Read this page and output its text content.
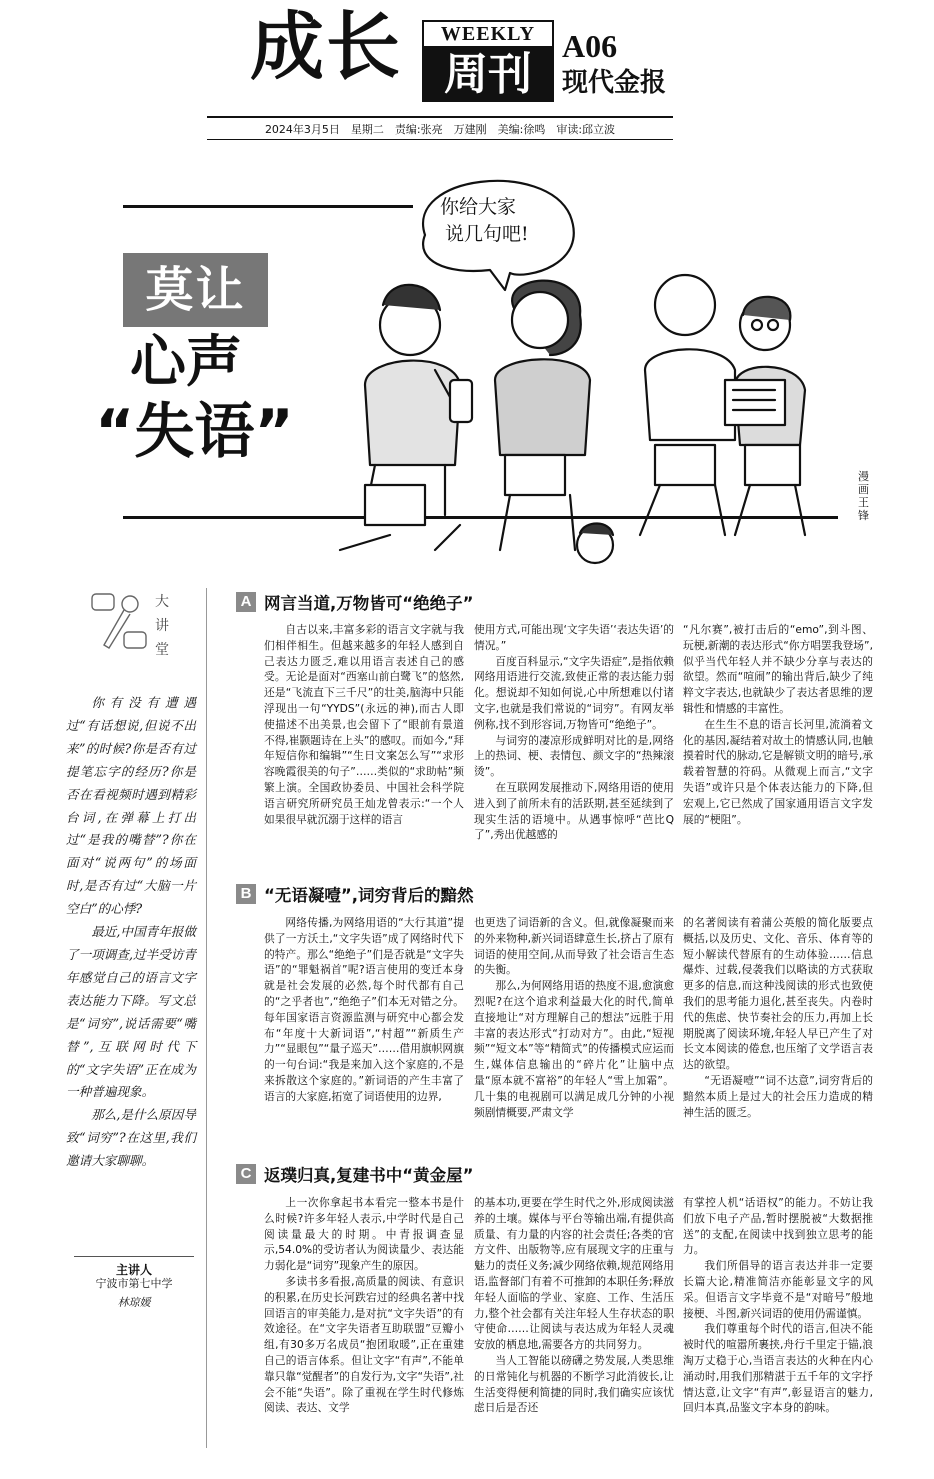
成长	WEEKLY
周刊
A06
现代金报
2024年3月5日　星期二　责编:张亮　万建刚　美编:徐鸣　审读:邱立波
莫让
心声
“失语”
你给大家
说几句吧!
漫画　王锋
大讲堂

你有没有遭遇过“有话想说,但说不出来”的时候?你是否有过提笔忘字的经历?你是否在看视频时遇到精彩台词,在弹幕上打出过“是我的嘴替”?你在面对“说两句”的场面时,是否有过“大脑一片空白”的心悸?

最近,中国青年报做了一项调查,过半受访青年感觉自己的语言文字表达能力下降。写文总是“词穷”,说话需要“嘴替”,互联网时代下的“文字失语”正在成为一种普遍现象。

那么,是什么原因导致“词穷”?在这里,我们邀请大家聊聊。

主讲人
宁波市第七中学
林琼媛
A 网言当道,万物皆可“绝绝子”

自古以来,丰富多彩的语言文字就与我们相伴相生。但越来越多的年轻人感到自己表达力匮乏,难以用语言表述自己的感受。无论是面对“西塞山前白鹭飞”的悠然,还是“飞流直下三千尺”的壮美,脑海中只能浮现出一句“YYDS”(永远的神),而古人即使描述不出美景,也会留下了“眼前有景道不得,崔颢题诗在上头”的感叹。而如今,“拜年短信你和编辑”“生日文案怎么写”“求形容晚霞很美的句子”……类似的“求助帖”频繁上演。全国政协委员、中国社会科学院语言研究所研究员王灿龙曾表示:“一个人如果很早就沉溺于这样的语言

使用方式,可能出现‘文字失语’‘表达失语’的情况。”

百度百科显示,“文字失语症”,是指依赖网络用语进行交流,致使正常的表达能力弱化。想说却不知如何说,心中所想难以付诸文字,也就是我们常说的“词穷”。有网友举例称,找不到形容词,万物皆可“绝绝子”。

与词穷的凄凉形成鲜明对比的是,网络上的热词、梗、表情包、颜文字的“热辣滚烫”。

在互联网发展推动下,网络用语的使用进入到了前所未有的活跃期,甚至延续到了现实生活的语境中。从遇事惊呼“芭比Q了”,秀出优越感的

“凡尔赛”,被打击后的“emo”,到斗图、玩梗,新潮的表达形式“你方唱罢我登场”,似乎当代年轻人并不缺少分享与表达的欲望。然而“喧闹”的输出背后,缺少了纯粹文字表达,也就缺少了表达者思维的逻辑性和情感的丰富性。

在生生不息的语言长河里,流淌着文化的基因,凝结着对故土的情感认同,也触摸着时代的脉动,它是解锁文明的暗号,承载着智慧的符码。从微观上而言,“文字失语”或许只是个体表达能力的下降,但宏观上,它已然成了国家通用语言文字发展的“梗阻”。

B “无语凝噎”,词穷背后的黯然

网络传播,为网络用语的“大行其道”提供了一方沃土,“文字失语”成了网络时代下的特产。那么“绝绝子”们是否就是“文字失语”的“罪魁祸首”呢?语言使用的变迁本身就是社会发展的必然,每个时代都有自己的“之乎者也”,“绝绝子”们本无对错之分。每年国家语言资源监测与研究中心都会发布“年度十大新词语”,“村超”“新质生产力”“显眼包”“量子巡天”……借用旗帜网旗的一句台词:“我是来加入这个家庭的,不是来拆散这个家庭的。”新词语的产生丰富了语言的大家庭,拓宽了词语使用的边界,

也更迭了词语新的含义。但,就像凝聚而来的外来物种,新兴词语肆意生长,挤占了原有词语的使用空间,从而导致了社会语言生态的失衡。

那么,为何网络用语的热度不退,愈演愈烈呢?在这个追求利益最大化的时代,简单直接地让“对方理解自己的想法”远胜于用丰富的表达形式“打动对方”。由此,“短视频”“短文本”等“精简式”的传播模式应运而生,媒体信息输出的“碎片化”让脑中点量“原本就不富裕”的年轻人“雪上加霜”。几十集的电视剧可以满足成几分钟的小视频剧情概要,严肃文学

的名著阅读有着蒲公英般的简化版要点概括,以及历史、文化、音乐、体育等的短小解读代替原有的生动体验……信息爆炸、过载,侵袭我们以略读的方式获取更多的信息,而这种浅阅读的形式也致使我们的思考能力退化,甚至丧失。内卷时代的焦虑、快节奏社会的压力,再加上长期脱离了阅读环境,年轻人早已产生了对长文本阅读的倦怠,也压缩了文学语言表达的欲望。

“无语凝噎”“词不达意”,词穷背后的黯然本质上是过大的社会压力造成的精神生活的匮乏。

C 返璞归真,复建书中“黄金屋”

上一次你拿起书本看完一整本书是什么时候?许多年轻人表示,中学时代是自己阅读量最大的时期。中青报调查显示,54.0%的受访者认为阅读量少、表达能力弱化是“词穷”现象产生的原因。

多读书多看报,高质量的阅读、有意识的积累,在历史长河跌宕过的经典名著中找回语言的审美能力,是对抗“文字失语”的有效途径。在“文字失语者互助联盟”豆瓣小组,有30多万名成员“抱团取暖”,正在重建自己的语言体系。但让文字“有声”,不能单靠只靠“觉醒者”的自发行为,文字“失语”,社会不能“失语”。除了重视在学生时代修炼阅读、表达、文学

的基本功,更要在学生时代之外,形成阅读滋养的土壤。媒体与平台等输出端,有提供高质量、有力量的内容的社会责任;各类的官方文件、出版物等,应有展现文字的庄重与魅力的责任义务;减少网络依赖,规范网络用语,监督部门有着不可推卸的本职任务;释放年轻人面临的学业、家庭、工作、生活压力,整个社会都有关注年轻人生存状态的职守使命……让阅读与表达成为年轻人灵魂安放的栖息地,需要各方的共同努力。

当人工智能以磅礴之势发展,人类思维的日常钝化与机器的不断学习此消彼长,让生活变得便利简捷的同时,我们确实应该忧虑日后是否还

有掌控人机“话语权”的能力。不妨让我们放下电子产品,暂时摆脱被“大数据推送”的支配,在阅读中找到独立思考的能力。

我们所倡导的语言表达并非一定要长篇大论,精准简洁亦能彰显文字的风采。但语言文字毕竟不是“对暗号”般地接梗、斗图,新兴词语的使用仍需谨慎。

我们尊重每个时代的语言,但决不能被时代的喧嚣所裹挟,舟行千里定于锚,浪淘万丈稳于心,当语言表达的火种在内心涌动时,用我们那精湛于五千年的文字抒情达意,让文字“有声”,彰显语言的魅力,回归本真,品鉴文字本身的韵味。
